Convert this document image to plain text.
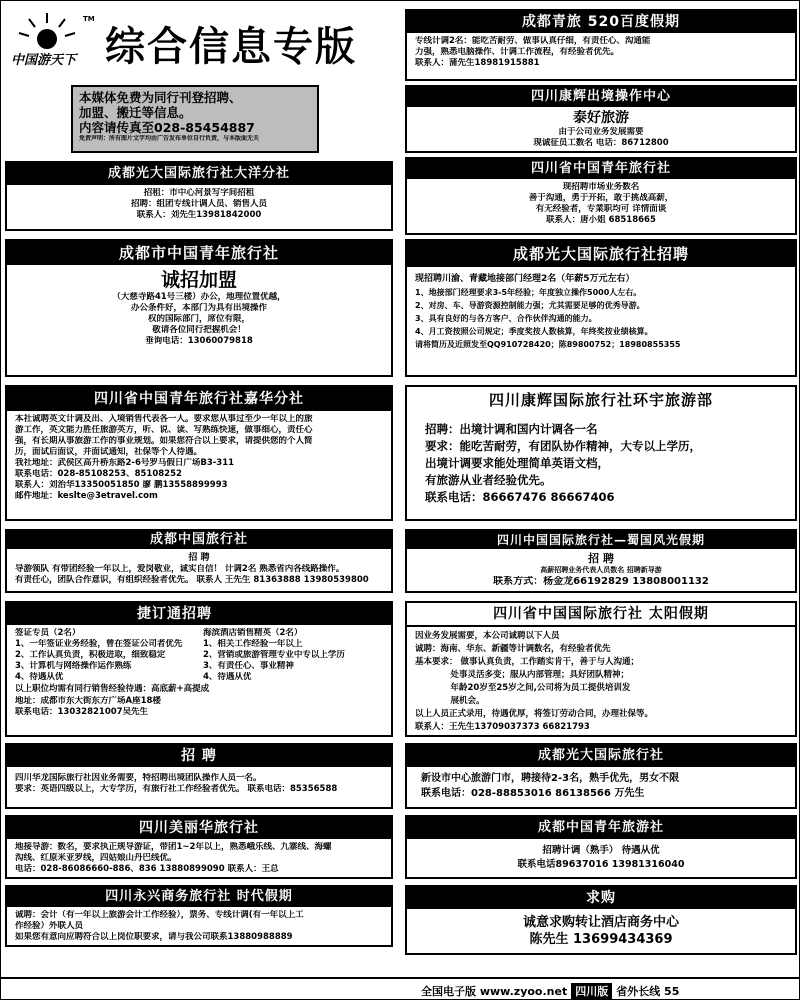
TM
中国游天下 综合信息专版
本媒体免费为同行刊登招聘、
加盟、搬迁等信息。
内容请传真至028-85454887
免责声明：所有图片文字均由广告发布单位自行负责，与本版面无关
成都光大国际旅行社大洋分社
招租：市中心河景写字间招租
招聘：组团专线计调人员、销售人员
联系人：刘先生13981842000
成都市中国青年旅行社
诚招加盟
（大慈寺路41号三楼）办公，地理位置优越，
办公条件好，本部门为具有出境操作
权的国际部门，席位有限，
敬请各位同行把握机会！
垂询电话：13060079818
四川省中国青年旅行社嘉华分社
本社诚聘英文计调及出、入境销售代表各一人。要求您从事过至少一年以上的旅
游工作，英文能力胜任旅游英方，听、说、读、写熟练快速，做事细心，责任心
强，有长期从事旅游工作的事业规划。如果您符合以上要求，请提供您的个人简
历，面试后面议，并面试通知，社保等个人待遇。
我社地址：武侯区高升桥东路2-6号罗马假日广场B3-311
联系电话：028-85108253、85108252
联系人：刘治华13350051850 廖 鹏13558899993
邮件地址：keslte@3etravel.com
成都中国旅行社
招 聘
导游领队 有带团经验一年以上，爱岗敬业，诚实自信！ 计调2名 熟悉省内各线路操作。
有责任心，团队合作意识，有组织经验者优先。 联系人 王先生 81363888 13980539800
捷订通招聘
签证专员（2名）
1、一年签证业务经验，曾在签证公司者优先
2、工作认真负责，积极进取，细致稳定
3、计算机与网络操作运作熟练
4、待遇从优
海滨酒店销售精英（2名）
1、相关工作经验一年以上
2、营销或旅游管理专业中专以上学历
3、有责任心、事业精神
4、待遇从优
以上职位均需有同行销售经验待遇：高底薪+高提成
地址：成都市东大街东方广场A座18楼
联系电话：13032821007吴先生
招 聘
四川华龙国际旅行社因业务需要，特招聘出境团队操作人员一名。
要求：英语四级以上，大专学历，有旅行社工作经验者优先。 联系电话：85356588
四川美丽华旅行社
地接导游：数名，要求执正规导游证，带团1~2年以上，熟悉峨乐线、九寨线、海螺
沟线、红原米亚罗线，四姑娘山丹巴线优。
电话：028-86086660-886、836 13880899090 联系人：王总
四川永兴商务旅行社 时代假期
诚聘：会计（有一年以上旅游会计工作经验），票务、专线计调(有一年以上工
作经验）外联人员
如果您有意向应聘符合以上岗位职要求，请与我公司联系13880988889
成都青旅 520百度假期
专线计调2名：能吃苦耐劳、做事认真仔细，有责任心、沟通能
力强，熟悉电脑操作、计调工作流程，有经验者优先。
联系人：蒲先生18981915881
四川康辉出境操作中心
泰好旅游
由于公司业务发展需要
现诚征员工数名 电话：86712800
四川省中国青年旅行社
现招聘市场业务数名
善于沟通，勇于开拓，敢于挑战高薪，
有无经验者，专業职均可 详情面谈
联系人：唐小姐 68518665
成都光大国际旅行社招聘
现招聘川渝、青藏地接部门经理2名（年薪5万元左右）
1、地接部门经理要求3-5年经验；年度独立操作5000人左右。
2、对房、车、导游资源控制能力强；尤其需要足够的优秀导游。
3、具有良好的与各方客户、合作伙伴沟通的能力。
4、月工资按照公司规定；季度奖按人数核算，年终奖按业绩核算。
请将简历及近照发至QQ910728420；陈89800752；18980855355
四川康辉国际旅行社环宇旅游部
招聘：出境计调和国内计调各一名
要求：能吃苦耐劳，有团队协作精神，大专以上学历，
出境计调要求能处理简单英语文档，
有旅游从业者经验优先。
联系电话：86667476 86667406
四川中国国际旅行社—蜀国风光假期
招 聘
高薪招聘业务代表人员数名 招聘新导游
联系方式：杨金龙66192829 13808001132
四川省中国国际旅行社 太阳假期
因业务发展需要，本公司诚聘以下人员
诚聘：海南、华东、新疆等计调数名，有经验者优先
基本要求： 做事认真负责，工作踏实肯干，善于与人沟通；
处事灵活多变；服从内部管理；具好团队精神；
年龄20岁至25岁之间,公司将为员工提供培训发
展机会。
以上人员正式录用，待遇优厚，将签订劳动合同，办理社保等。
联系人：王先生13709037373 66821793
成都光大国际旅行社
新设市中心旅游门市，聘接待2-3名，熟手优先，男女不限
联系电话：028-88853016 86138566 万先生
成都中国青年旅游社
招聘计调（熟手） 待遇从优
联系电话89637016 13981316040
求购
诚意求购转让酒店商务中心
陈先生 13699434369
全国电子版 www.zyoo.net 四川版 省外长线 55
